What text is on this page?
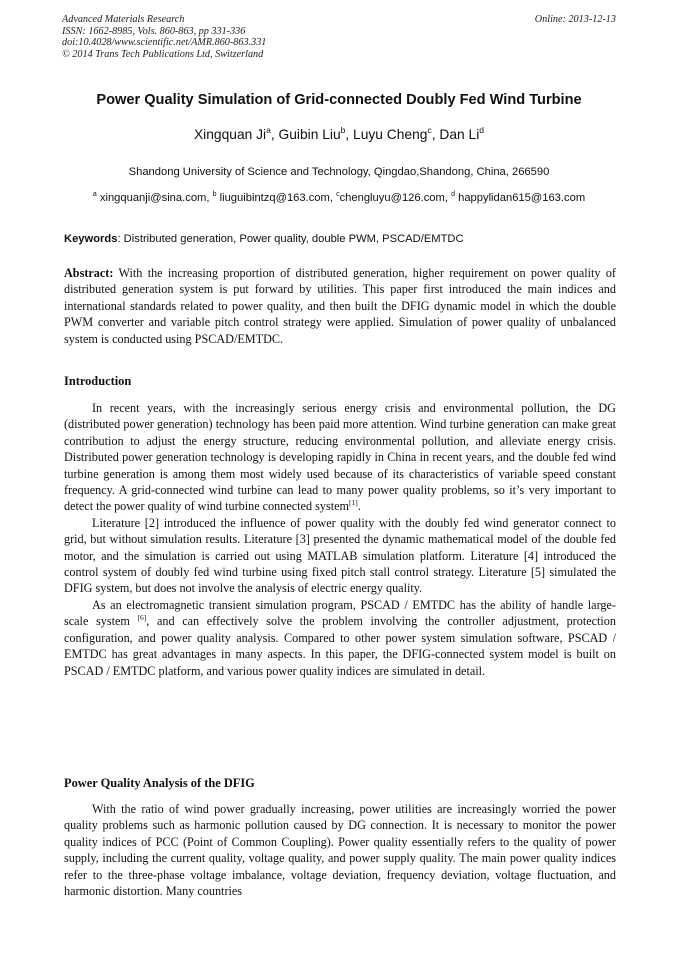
Advanced Materials Research
ISSN: 1662-8985, Vols. 860-863, pp 331-336
doi:10.4028/www.scientific.net/AMR.860-863.331
© 2014 Trans Tech Publications Ltd, Switzerland
Online: 2013-12-13
Power Quality Simulation of Grid-connected Doubly Fed Wind Turbine
Xingquan Ji$^a$, Guibin Liu$^b$, Luyu Cheng$^c$, Dan Li$^d$
Shandong University of Science and Technology, Qingdao,Shandong, China, 266590
$^a$ xingquanji@sina.com, $^b$ liuguibintzq@163.com, $^c$chengluyu@126.com, $^d$ happylidan615@163.com
Keywords: Distributed generation, Power quality, double PWM, PSCAD/EMTDC

Abstract: With the increasing proportion of distributed generation, higher requirement on power quality of distributed generation system is put forward by utilities. This paper first introduced the main indices and international standards related to power quality, and then built the DFIG dynamic model in which the double PWM converter and variable pitch control strategy were applied. Simulation of power quality of unbalanced system is conducted using PSCAD/EMTDC.

Introduction

In recent years, with the increasingly serious energy crisis and environmental pollution, the DG (distributed power generation) technology has been paid more attention. Wind turbine generation can make great contribution to adjust the energy structure, reducing environmental pollution, and alleviate energy crisis. Distributed power generation technology is developing rapidly in China in recent years, and the double fed wind turbine generation is among them most widely used because of its characteristics of variable speed constant frequency. A grid-connected wind turbine can lead to many power quality problems, so it’s very important to detect the power quality of wind turbine connected system[1].

Literature [2] introduced the influence of power quality with the doubly fed wind generator connect to grid, but without simulation results. Literature [3] presented the dynamic mathematical model of the double fed motor, and the simulation is carried out using MATLAB simulation platform. Literature [4] introduced the control system of doubly fed wind turbine using fixed pitch stall control strategy. Literature [5] simulated the DFIG system, but does not involve the analysis of electric energy quality.

As an electromagnetic transient simulation program, PSCAD / EMTDC has the ability of handle large-scale system [6], and can effectively solve the problem involving the controller adjustment, protection configuration, and power quality analysis. Compared to other power system simulation software, PSCAD / EMTDC has great advantages in many aspects. In this paper, the DFIG-connected system model is built on PSCAD / EMTDC platform, and various power quality indices are simulated in detail.

Power Quality Analysis of the DFIG

With the ratio of wind power gradually increasing, power utilities are increasingly worried the power quality problems such as harmonic pollution caused by DG connection. It is necessary to monitor the power quality indices of PCC (Point of Common Coupling). Power quality essentially refers to the quality of power supply, including the current quality, voltage quality, and power supply quality. The main power quality indices refer to the three-phase voltage imbalance, voltage deviation, frequency deviation, voltage fluctuation, and harmonic distortion. Many countries
